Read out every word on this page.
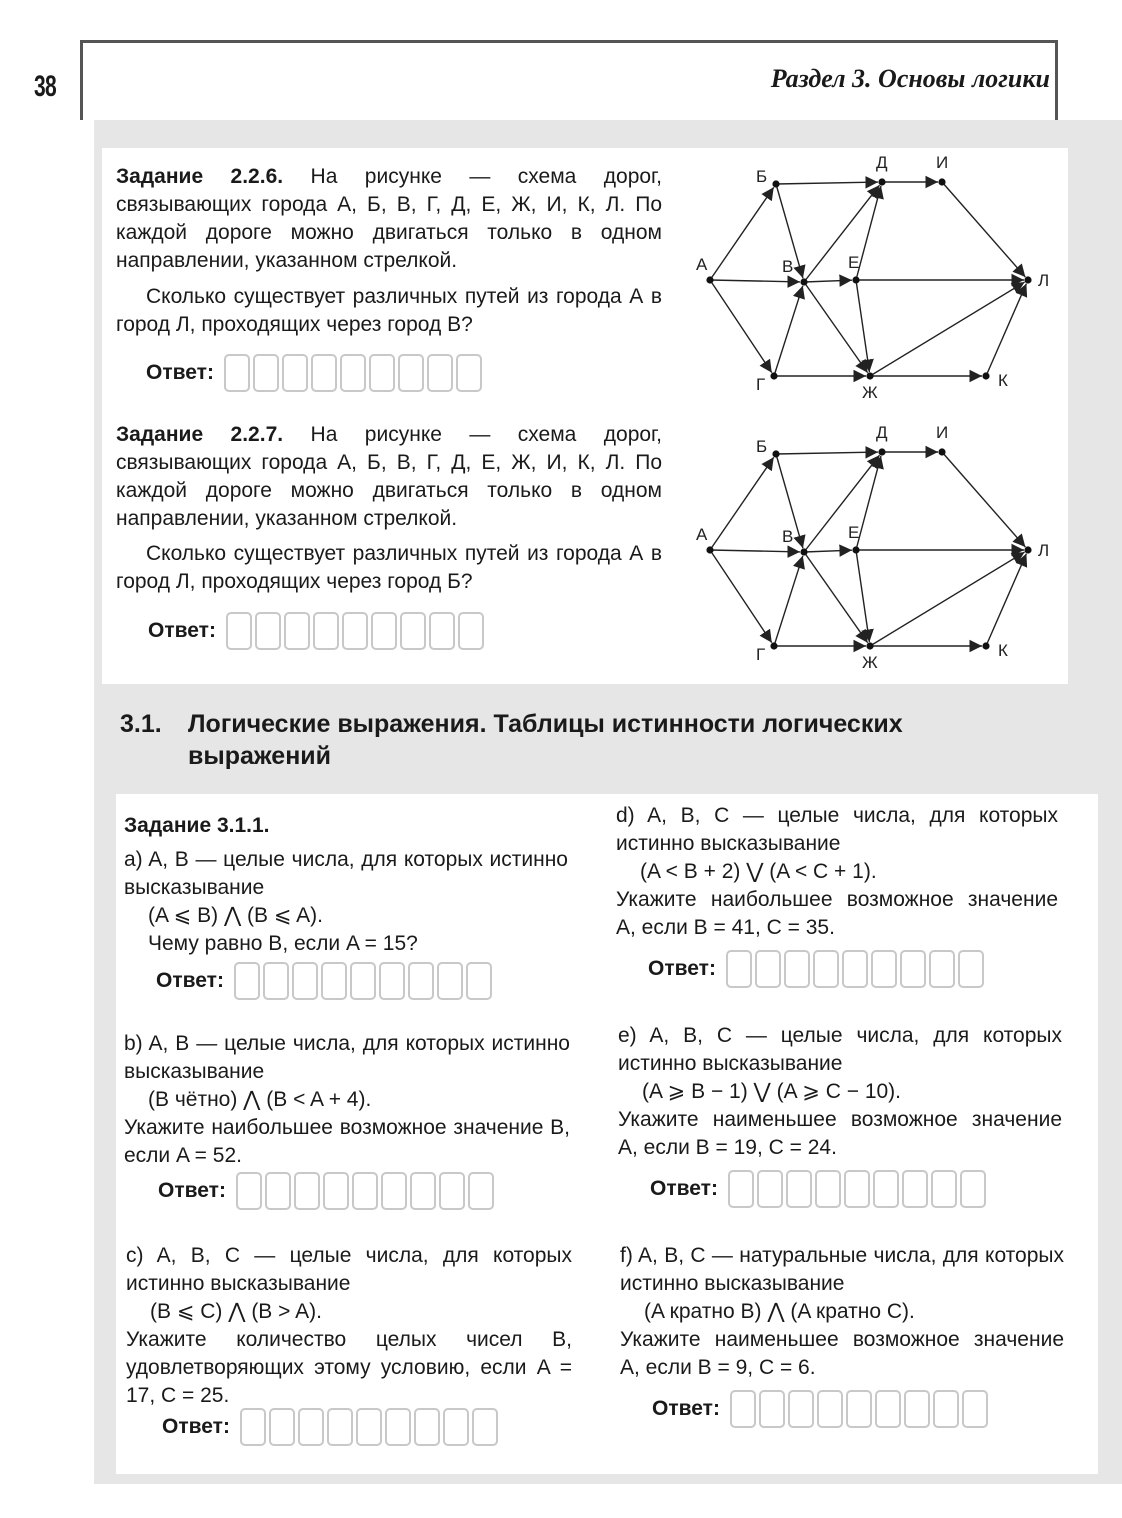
38	Раздел 3. Основы логики
Задание 2.2.6. На рисунке — схема дорог, связывающих города А, Б, В, Г, Д, Е, Ж, И, К, Л. По каждой дороге можно двигаться только в одном направлении, указанном стрелкой.
Сколько существует различных путей из города А в город Л, проходящих через город В?
Ответ:
А
Б
В
Г
Д
Е
Ж
И
К
Л
Задание 2.2.7. На рисунке — схема дорог, связывающих города А, Б, В, Г, Д, Е, Ж, И, К, Л. По каждой дороге можно двигаться только в одном направлении, указанном стрелкой.
Сколько существует различных путей из города А в город Л, проходящих через город Б?
Ответ:
А
Б
В
Г
Д
Е
Ж
И
К
Л
3.1. Логические выражения. Таблицы истинности логических
выражений
Задание 3.1.1.
a) A, B — целые числа, для которых истинно высказывание
(A ⩽ B) ⋀ (B ⩽ A).
Чему равно B, если A = 15?
Ответ:
b) A, B — целые числа, для которых истинно высказывание
(B чётно) ⋀ (B < A + 4).
Укажите наибольшее возможное значение B, если A = 52.
Ответ:
c) A, B, C — целые числа, для которых истинно высказывание
(B ⩽ C) ⋀ (B > A).
Укажите количество целых чисел B, удовлетворяющих этому условию, если A = 17, C = 25.
Ответ:
d) A, B, C — целые числа, для которых истинно высказывание
(A < B + 2) ⋁ (A < C + 1).
Укажите наибольшее возможное значение A, если B = 41, C = 35.
Ответ:
e) A, B, C — целые числа, для которых истинно высказывание
(A ⩾ B − 1) ⋁ (A ⩾ C − 10).
Укажите наименьшее возможное значение A, если B = 19, C = 24.
Ответ:
f) A, B, C — натуральные числа, для которых истинно высказывание
(A кратно B) ⋀ (A кратно C).
Укажите наименьшее возможное значение A, если B = 9, C = 6.
Ответ:
